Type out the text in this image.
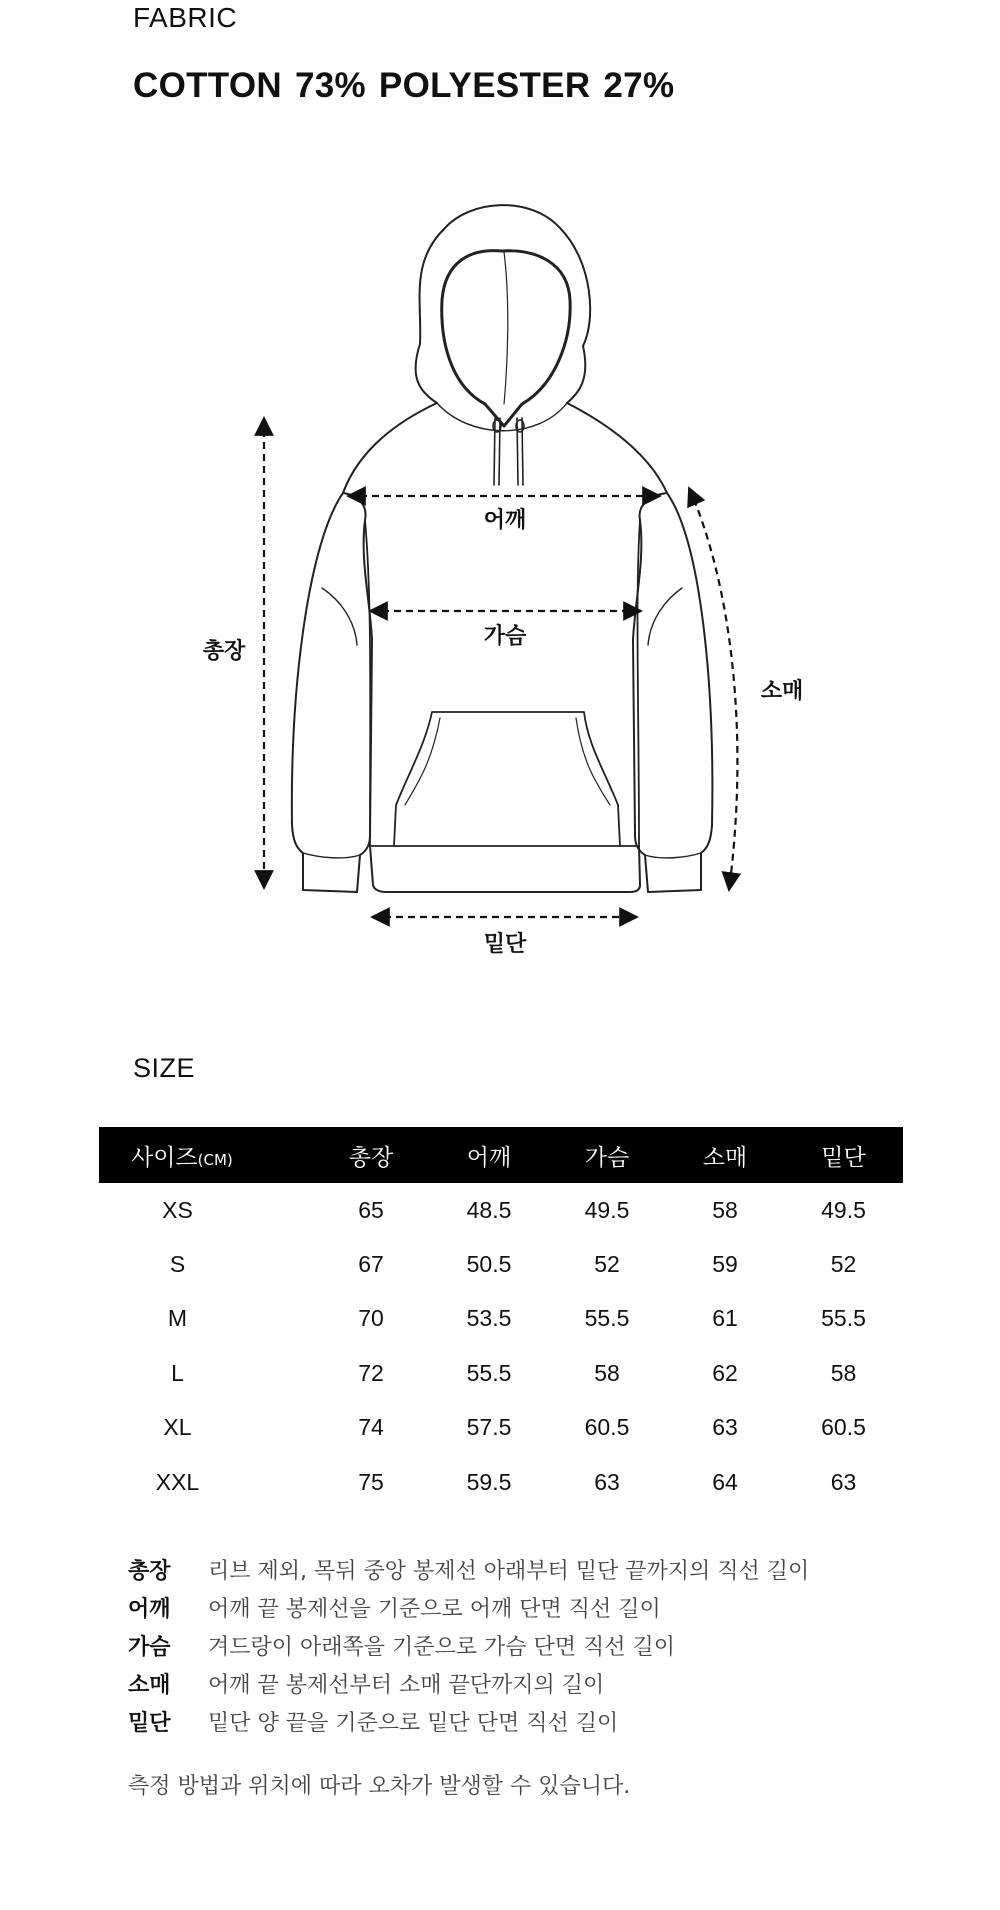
FABRIC
COTTON 73% POLYESTER 27%
어깨
가슴
총장
소매
밑단
SIZE
사이즈(CM)	총장	어깨	가슴	소매	밑단
XS	65	48.5	49.5	58	49.5
S	67	50.5	52	59	52
M	70	53.5	55.5	61	55.5
L	72	55.5	58	62	58
XL	74	57.5	60.5	63	60.5
XXL	75	59.5	63	64	63
총장 리브 제외, 목뒤 중앙 봉제선 아래부터 밑단 끝까지의 직선 길이
어깨 어깨 끝 봉제선을 기준으로 어깨 단면 직선 길이
가슴 겨드랑이 아래쪽을 기준으로 가슴 단면 직선 길이
소매 어깨 끝 봉제선부터 소매 끝단까지의 길이
밑단 밑단 양 끝을 기준으로 밑단 단면 직선 길이
측정 방법과 위치에 따라 오차가 발생할 수 있습니다.
